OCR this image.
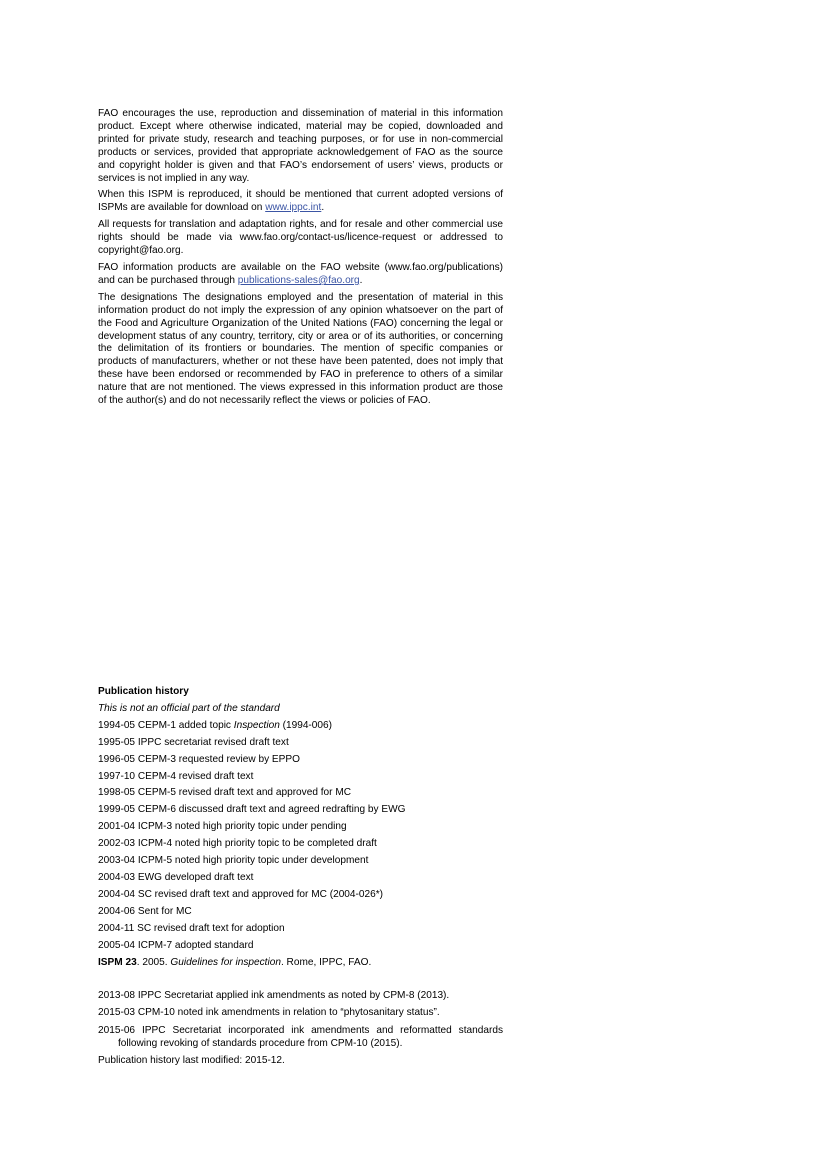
FAO encourages the use, reproduction and dissemination of material in this information product. Except where otherwise indicated, material may be copied, downloaded and printed for private study, research and teaching purposes, or for use in non-commercial products or services, provided that appropriate acknowledgement of FAO as the source and copyright holder is given and that FAO’s endorsement of users’ views, products or services is not implied in any way.

When this ISPM is reproduced, it should be mentioned that current adopted versions of ISPMs are available for download on www.ippc.int.

All requests for translation and adaptation rights, and for resale and other commercial use rights should be made via www.fao.org/contact-us/licence-request or addressed to copyright@fao.org.

FAO information products are available on the FAO website (www.fao.org/publications) and can be purchased through publications-sales@fao.org.

The designations The designations employed and the presentation of material in this information product do not imply the expression of any opinion whatsoever on the part of the Food and Agriculture Organization of the United Nations (FAO) concerning the legal or development status of any country, territory, city or area or of its authorities, or concerning the delimitation of its frontiers or boundaries. The mention of specific companies or products of manufacturers, whether or not these have been patented, does not imply that these have been endorsed or recommended by FAO in preference to others of a similar nature that are not mentioned. The views expressed in this information product are those of the author(s) and do not necessarily reflect the views or policies of FAO.

Publication history

This is not an official part of the standard

1994-05 CEPM-1 added topic Inspection (1994-006)

1995-05 IPPC secretariat revised draft text

1996-05 CEPM-3 requested review by EPPO

1997-10 CEPM-4 revised draft text

1998-05 CEPM-5 revised draft text and approved for MC

1999-05 CEPM-6 discussed draft text and agreed redrafting by EWG

2001-04 ICPM-3 noted high priority topic under pending

2002-03 ICPM-4 noted high priority topic to be completed draft

2003-04 ICPM-5 noted high priority topic under development

2004-03 EWG developed draft text

2004-04 SC revised draft text and approved for MC (2004-026*)

2004-06 Sent for MC

2004-11 SC revised draft text for adoption

2005-04 ICPM-7 adopted standard

ISPM 23. 2005. Guidelines for inspection. Rome, IPPC, FAO.

2013-08 IPPC Secretariat applied ink amendments as noted by CPM-8 (2013).

2015-03 CPM-10 noted ink amendments in relation to “phytosanitary status”.

2015-06 IPPC Secretariat incorporated ink amendments and reformatted standards following revoking of standards procedure from CPM-10 (2015).

Publication history last modified: 2015-12.
